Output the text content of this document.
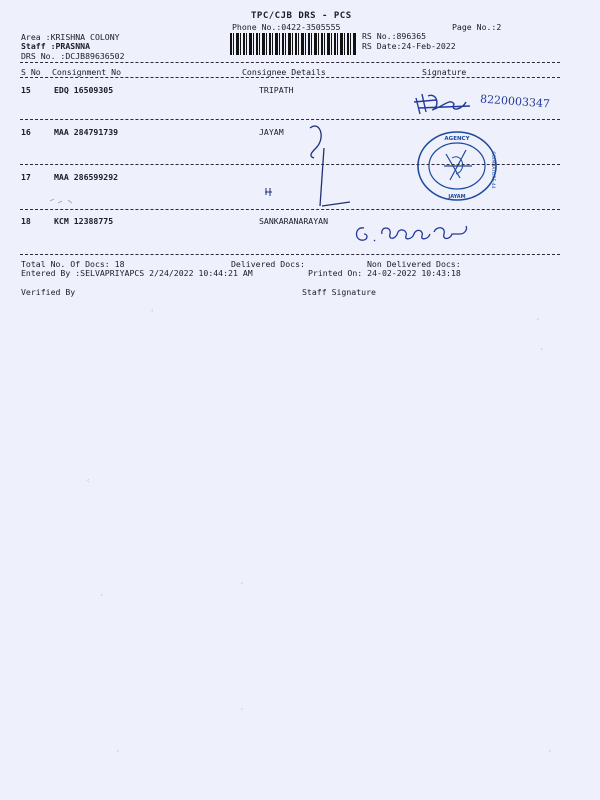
TPC/CJB DRS - PCS
Phone No.:0422-3505555	Page No.:2
Area :KRISHNA COLONY
Staff :PRASNNA
DRS No. :DCJB89636502
RS No.:896365
RS Date:24-Feb-2022
S No Consignment No	Consignee Details	Signature
15	EDQ 16509305	TRIPATH
8220003347
16	MAA 284791739	JAYAM
AGENCY
JAYAM
COIMBATORE-44
17	MAA 286599292
18	KCM 12388775	SANKARANARAYAN
Total No. Of Docs: 18	Delivered Docs:	Non Delivered Docs:
Entered By :SELVAPRIYAPCS 2/24/2022 10:44:21 AM	Printed On: 24-02-2022 10:43:18
Verified By	Staff Signature
⁖
·
·
⁖
·
·
·
·	·
